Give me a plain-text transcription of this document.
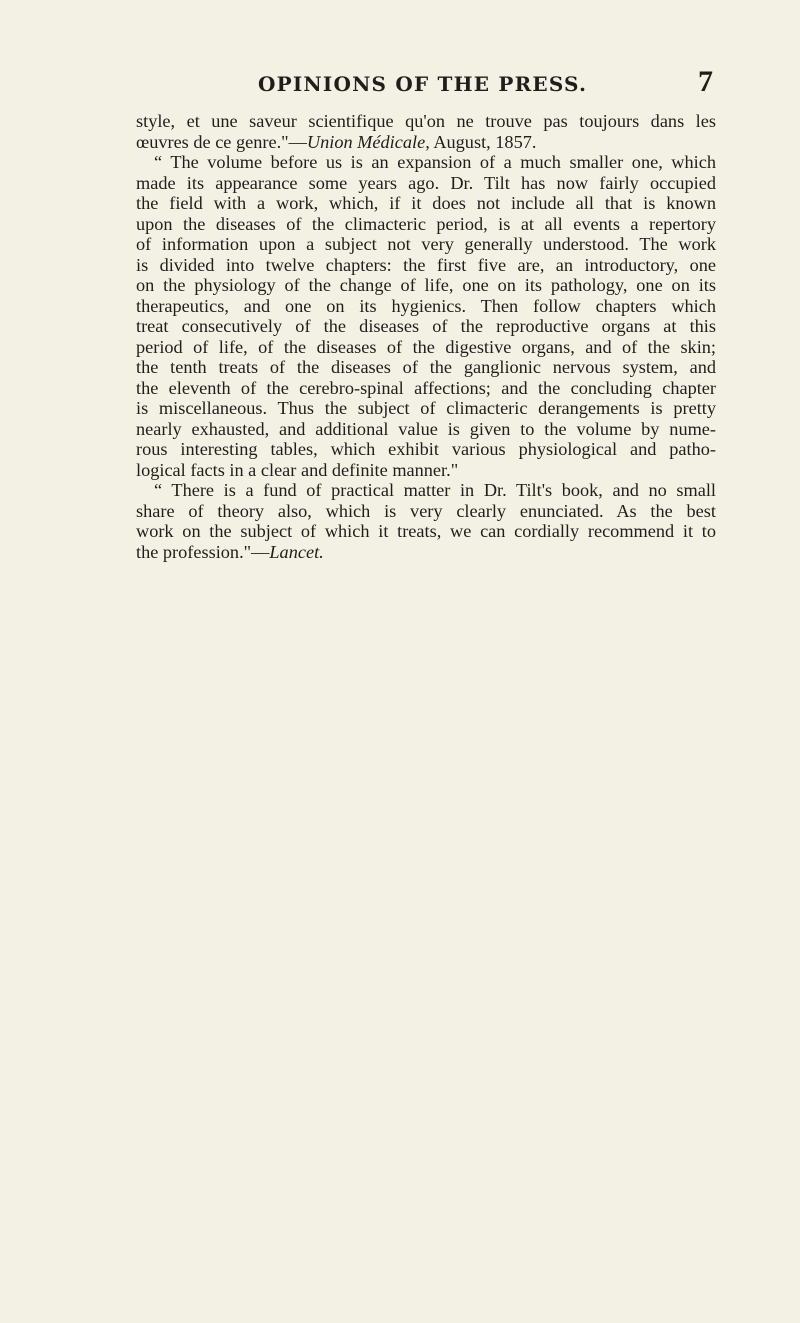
OPINIONS OF THE PRESS.	7
style, et une saveur scientifique qu'on ne trouve pas toujours dans les
œuvres de ce genre."—Union Médicale, August, 1857.
“ The volume before us is an expansion of a much smaller one, which
made its appearance some years ago. Dr. Tilt has now fairly occupied
the field with a work, which, if it does not include all that is known
upon the diseases of the climacteric period, is at all events a repertory
of information upon a subject not very generally understood. The work
is divided into twelve chapters: the first five are, an introductory, one
on the physiology of the change of life, one on its pathology, one on its
therapeutics, and one on its hygienics. Then follow chapters which
treat consecutively of the diseases of the reproductive organs at this
period of life, of the diseases of the digestive organs, and of the skin;
the tenth treats of the diseases of the ganglionic nervous system, and
the eleventh of the cerebro-spinal affections; and the concluding chapter
is miscellaneous. Thus the subject of climacteric derangements is pretty
nearly exhausted, and additional value is given to the volume by nume-
rous interesting tables, which exhibit various physiological and patho-
logical facts in a clear and definite manner."
“ There is a fund of practical matter in Dr. Tilt's book, and no small
share of theory also, which is very clearly enunciated. As the best
work on the subject of which it treats, we can cordially recommend it to
the profession."—Lancet.
